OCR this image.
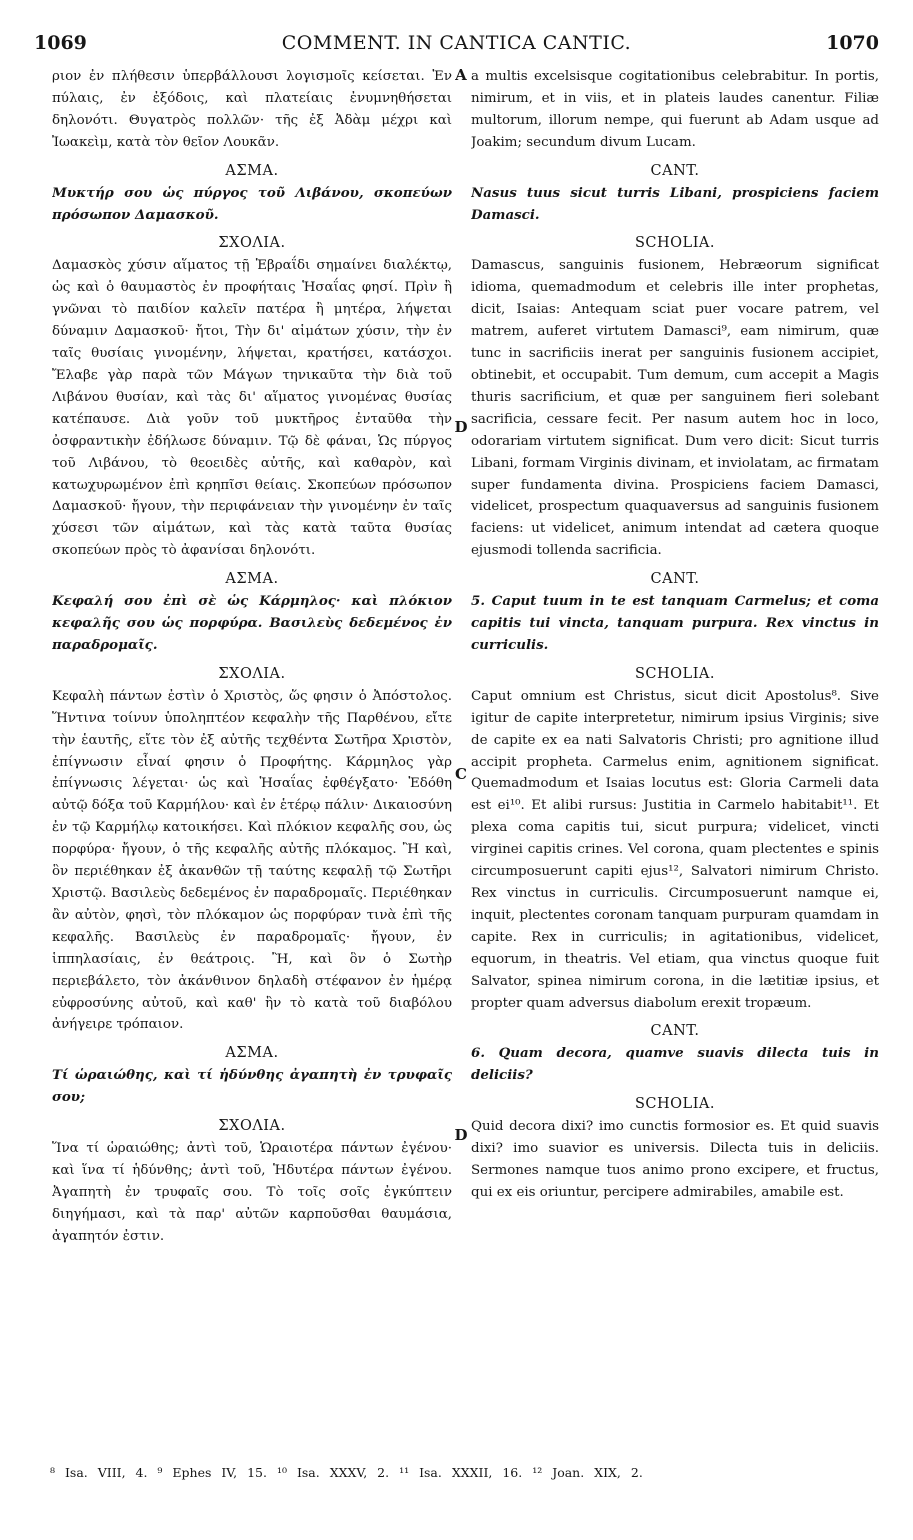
1069	COMMENT. IN CANTICA CANTIC.	1070

ριον ἐν πλήθεσιν ὑπερβάλλουσι λογισμοῖς κείσεται. Ἐν πύλαις, ἐν ἐξόδοις, καὶ πλατείαις ἐνυμνηθήσεται δηλονότι. Θυγατρὸς πολλῶν· τῆς ἐξ Ἀδὰμ μέχρι καὶ Ἰωακεὶμ, κατὰ τὸν θεῖον Λουκᾶν.

ΑΣΜΑ.

Μυκτήρ σου ὡς πύργος τοῦ Λιβάνου, σκοπεύων πρόσωπον Δαμασκοῦ.

ΣΧΟΛΙΑ.

Δαμασκὸς χύσιν αἵματος τῇ Ἑβραΐδι σημαίνει διαλέκτῳ, ὡς καὶ ὁ θαυμαστὸς ἐν προφήταις Ἡσαΐας φησί. Πρὶν ἢ γνῶναι τὸ παιδίον καλεῖν πατέρα ἢ μητέρα, λήψεται δύναμιν Δαμασκοῦ· ἤτοι, Τὴν δι' αἱμάτων χύσιν, τὴν ἐν ταῖς θυσίαις γινομένην, λήψεται, κρατήσει, κατάσχοι. Ἔλαβε γὰρ παρὰ τῶν Μάγων τηνικαῦτα τὴν διὰ τοῦ Λιβάνου θυσίαν, καὶ τὰς δι' αἵματος γινομένας θυσίας κατέπαυσε. Διὰ γοῦν τοῦ μυκτῆρος ἐνταῦθα τὴν ὀσφραντικὴν ἐδήλωσε δύναμιν. Τῷ δὲ φάναι, Ὡς πύργος τοῦ Λιβάνου, τὸ θεοειδὲς αὐτῆς, καὶ καθαρὸν, καὶ κατωχυρωμένον ἐπὶ κρηπῖσι θείαις. Σκοπεύων πρόσωπον Δαμασκοῦ· ἤγουν, τὴν περιφάνειαν τὴν γινομένην ἐν ταῖς χύσεσι τῶν αἱμάτων, καὶ τὰς κατὰ ταῦτα θυσίας σκοπεύων πρὸς τὸ ἀφανίσαι δηλονότι.

ΑΣΜΑ.

Κεφαλή σου ἐπὶ σὲ ὡς Κάρμηλος· καὶ πλόκιον κεφαλῆς σου ὡς πορφύρα. Βασιλεὺς δεδεμένος ἐν παραδρομαῖς.

ΣΧΟΛΙΑ.

Κεφαλὴ πάντων ἐστὶν ὁ Χριστὸς, ὥς φησιν ὁ Ἀπόστολος. Ἥντινα τοίνυν ὑποληπτέον κεφαλὴν τῆς Παρθένου, εἴτε τὴν ἑαυτῆς, εἴτε τὸν ἐξ αὐτῆς τεχθέντα Σωτῆρα Χριστὸν, ἐπίγνωσιν εἶναί φησιν ὁ Προφήτης. Κάρμηλος γὰρ ἐπίγνωσις λέγεται· ὡς καὶ Ἡσαΐας ἐφθέγξατο· Ἐδόθη αὐτῷ δόξα τοῦ Καρμήλου· καὶ ἐν ἑτέρῳ πάλιν· Δικαιοσύνη ἐν τῷ Καρμήλῳ κατοικήσει. Καὶ πλόκιον κεφαλῆς σου, ὡς πορφύρα· ἤγουν, ὁ τῆς κεφαλῆς αὐτῆς πλόκαμος. Ἢ καὶ, ὃν περιέθηκαν ἐξ ἀκανθῶν τῇ ταύτης κεφαλῇ τῷ Σωτῆρι Χριστῷ. Βασιλεὺς δεδεμένος ἐν παραδρομαῖς. Περιέθηκαν ἂν αὐτὸν, φησὶ, τὸν πλόκαμον ὡς πορφύραν τινὰ ἐπὶ τῆς κεφαλῆς. Βασιλεὺς ἐν παραδρομαῖς· ἤγουν, ἐν ἱππηλασίαις, ἐν θεάτροις. Ἢ, καὶ ὃν ὁ Σωτὴρ περιεβάλετο, τὸν ἀκάνθινον δηλαδὴ στέφανον ἐν ἡμέρᾳ εὐφροσύνης αὐτοῦ, καὶ καθ' ἣν τὸ κατὰ τοῦ διαβόλου ἀνήγειρε τρόπαιον.

ΑΣΜΑ.

Τί ὡραιώθης, καὶ τί ἡδύνθης ἀγαπητὴ ἐν τρυφαῖς σου;

ΣΧΟΛΙΑ.

Ἵνα τί ὡραιώθης; ἀντὶ τοῦ, Ὡραιοτέρα πάντων ἐγένου· καὶ ἵνα τί ἡδύνθης; ἀντὶ τοῦ, Ἡδυτέρα πάντων ἐγένου. Ἀγαπητὴ ἐν τρυφαῖς σου. Τὸ τοῖς σοῖς ἐγκύπτειν διηγήμασι, καὶ τὰ παρ' αὐτῶν καρποῦσθαι θαυμάσια, ἀγαπητόν ἐστιν.

A
D
C
D

a multis excelsisque cogitationibus celebrabitur. In portis, nimirum, et in viis, et in plateis laudes canentur. Filiæ multorum, illorum nempe, qui fuerunt ab Adam usque ad Joakim; secundum divum Lucam.

CANT.

Nasus tuus sicut turris Libani, prospiciens faciem Damasci.

SCHOLIA.

Damascus, sanguinis fusionem, Hebræorum significat idioma, quemadmodum et celebris ille inter prophetas, dicit, Isaias: Antequam sciat puer vocare patrem, vel matrem, auferet virtutem Damasci⁹, eam nimirum, quæ tunc in sacrificiis inerat per sanguinis fusionem accipiet, obtinebit, et occupabit. Tum demum, cum accepit a Magis thuris sacrificium, et quæ per sanguinem fieri solebant sacrificia, cessare fecit. Per nasum autem hoc in loco, odorariam virtutem significat. Dum vero dicit: Sicut turris Libani, formam Virginis divinam, et inviolatam, ac firmatam super fundamenta divina. Prospiciens faciem Damasci, videlicet, prospectum quaquaversus ad sanguinis fusionem faciens: ut videlicet, animum intendat ad cætera quoque ejusmodi tollenda sacrificia.

CANT.

5. Caput tuum in te est tanquam Carmelus; et coma capitis tui vincta, tanquam purpura. Rex vinctus in curriculis.

SCHOLIA.

Caput omnium est Christus, sicut dicit Apostolus⁸. Sive igitur de capite interpretetur, nimirum ipsius Virginis; sive de capite ex ea nati Salvatoris Christi; pro agnitione illud accipit propheta. Carmelus enim, agnitionem significat. Quemadmodum et Isaias locutus est: Gloria Carmeli data est ei¹⁰. Et alibi rursus: Justitia in Carmelo habitabit¹¹. Et plexa coma capitis tui, sicut purpura; videlicet, vincti virginei capitis crines. Vel corona, quam plectentes e spinis circumposuerunt capiti ejus¹², Salvatori nimirum Christo. Rex vinctus in curriculis. Circumposuerunt namque ei, inquit, plectentes coronam tanquam purpuram quamdam in capite. Rex in curriculis; in agitationibus, videlicet, equorum, in theatris. Vel etiam, qua vinctus quoque fuit Salvator, spinea nimirum corona, in die lætitiæ ipsius, et propter quam adversus diabolum erexit tropæum.

CANT.

6. Quam decora, quamve suavis dilecta tuis in deliciis?

SCHOLIA.

Quid decora dixi? imo cunctis formosior es. Et quid suavis dixi? imo suavior es universis. Dilecta tuis in deliciis. Sermones namque tuos animo prono excipere, et fructus, qui ex eis oriuntur, percipere admirabiles, amabile est.

⁸ Isa. VIII, 4. ⁹ Ephes IV, 15. ¹⁰ Isa. XXXV, 2. ¹¹ Isa. XXXII, 16. ¹² Joan. XIX, 2.
